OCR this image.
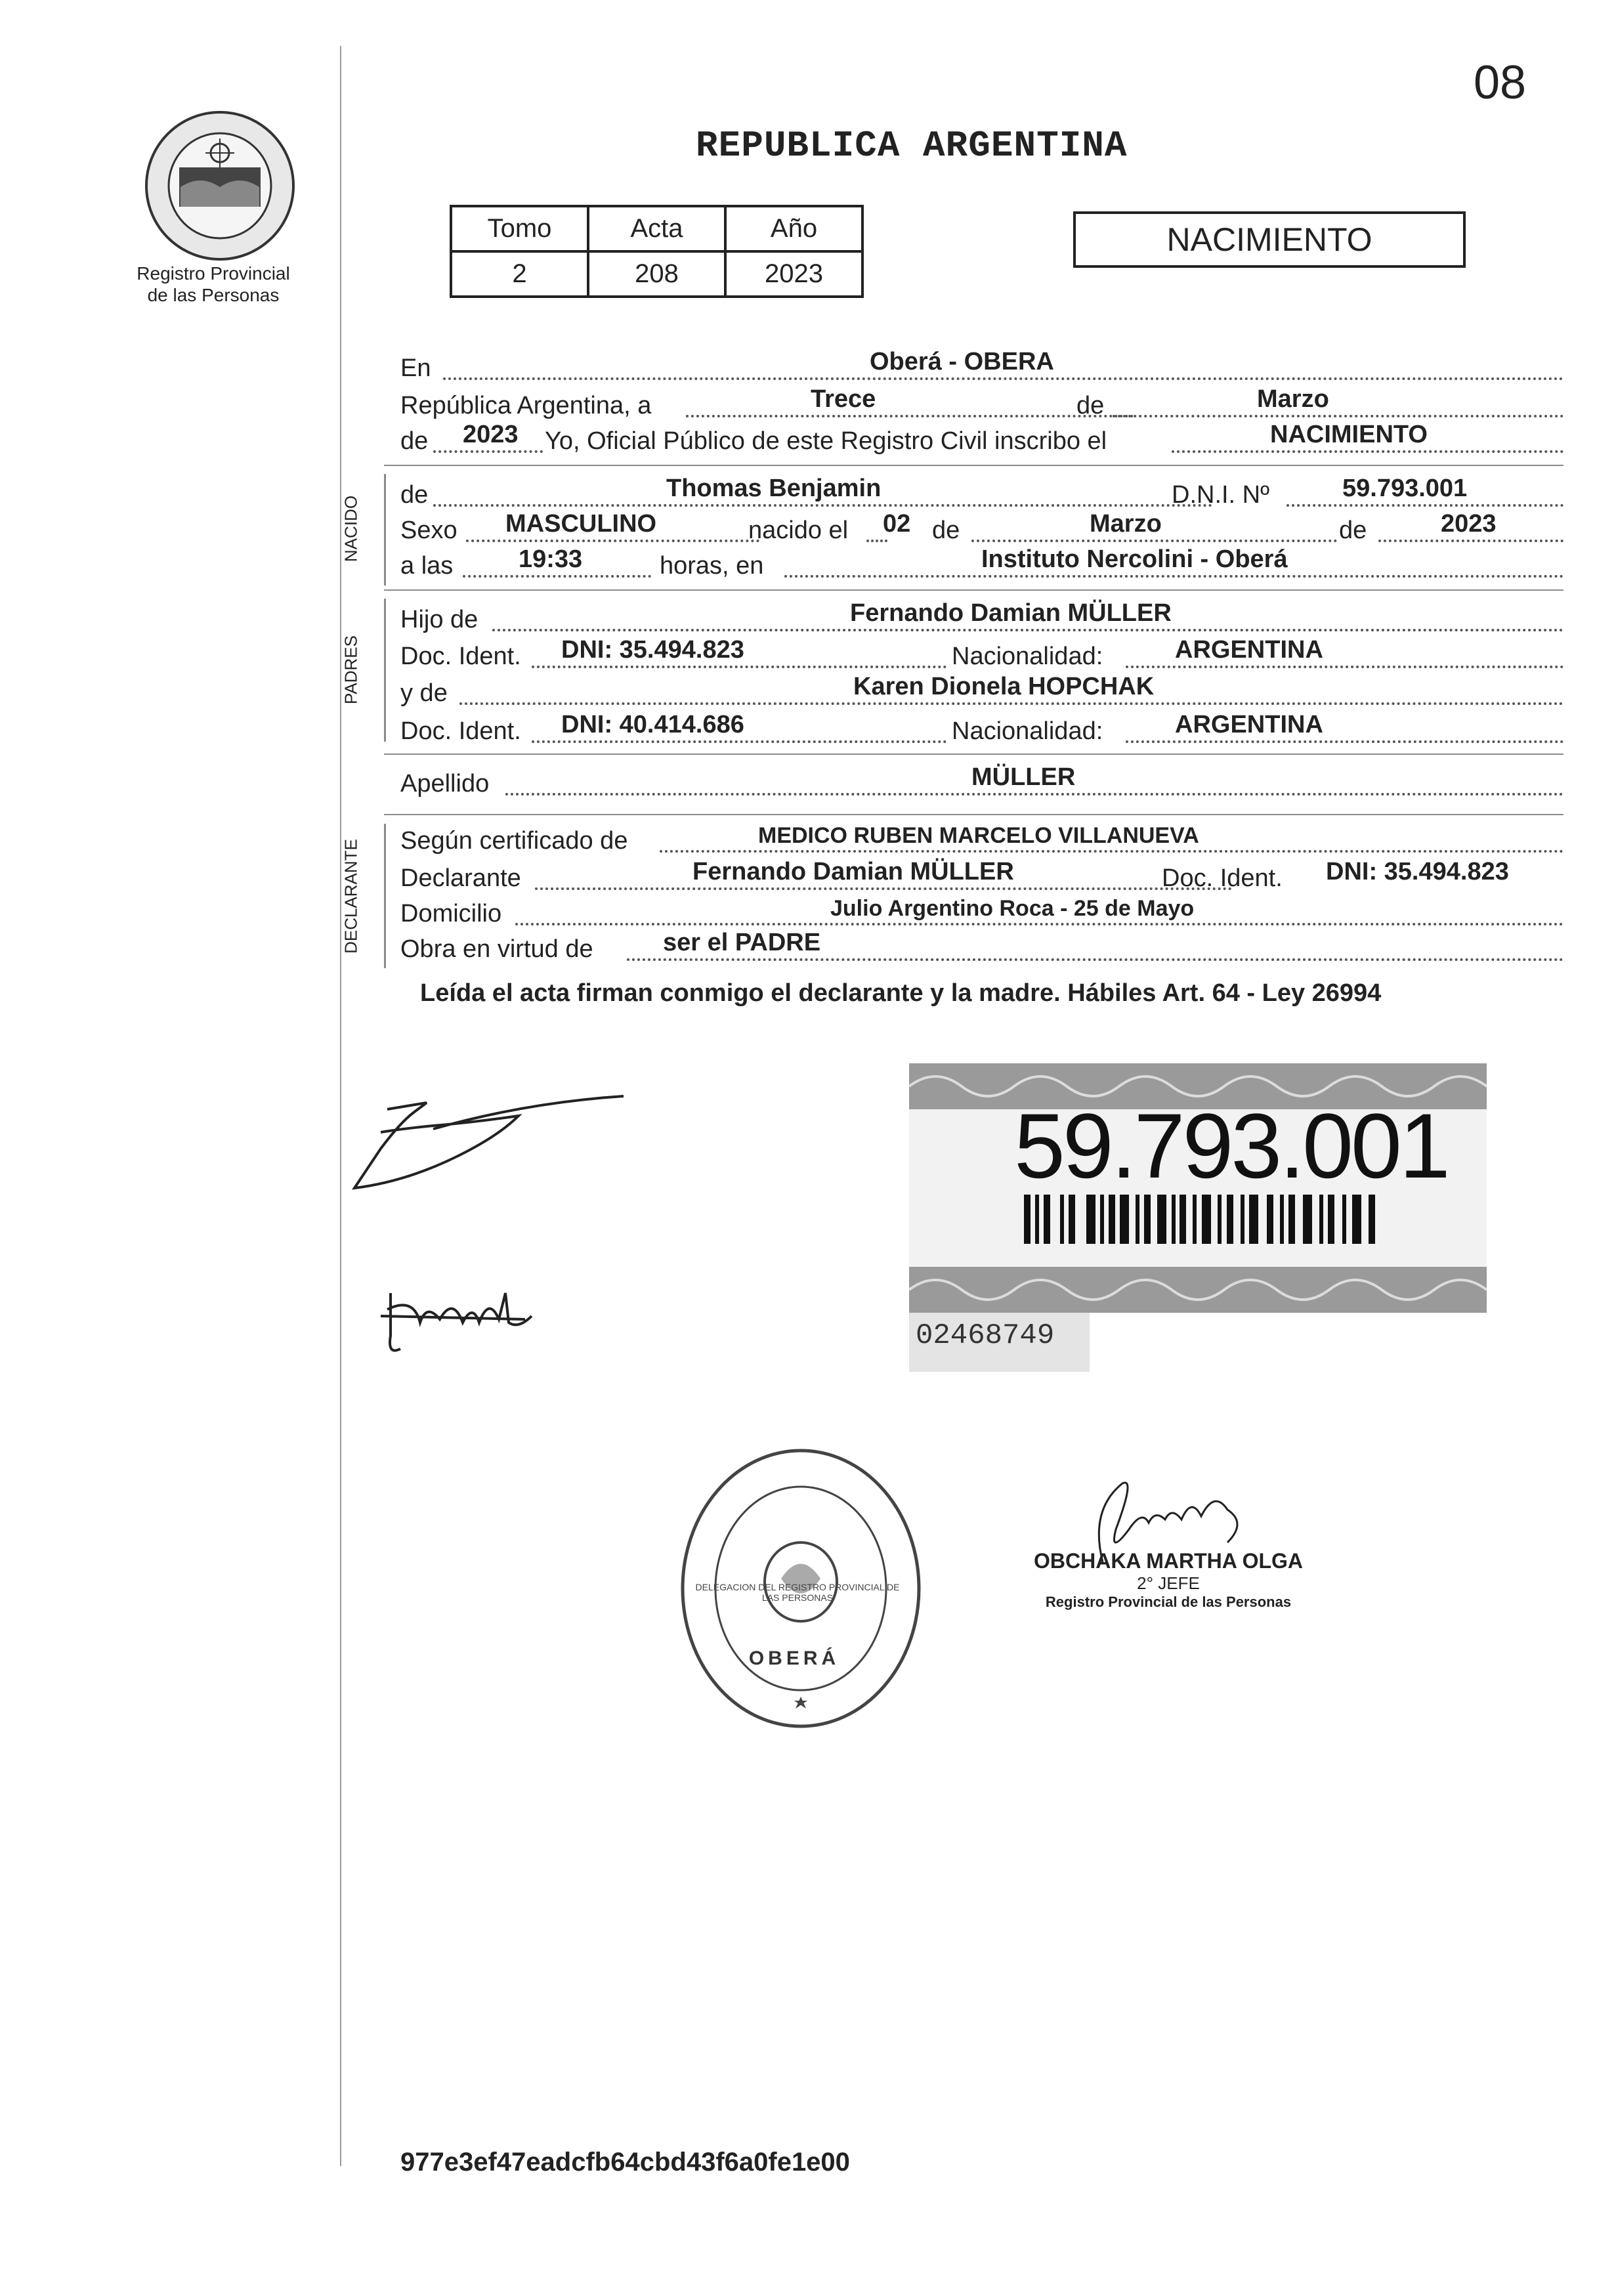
08
Registro Provincial
de las Personas
REPUBLICA ARGENTINA
Tomo	Acta	Año
2	208	2023
NACIMIENTO
En	Oberá - OBERA
República Argentina, a	Trece	de	Marzo
de 2023 Yo, Oficial Público de este Registro Civil inscribo el	NACIMIENTO
NACIDO
de	Thomas Benjamin	D.N.I. Nº	59.793.001
Sexo MASCULINO	nacido el 02 de	Marzo	de	2023
a las	19:33	horas, en	Instituto Nercolini - Oberá
PADRES
Hijo de	Fernando Damian MÜLLER
Doc. Ident. DNI: 35.494.823	Nacionalidad:	ARGENTINA
y de	Karen Dionela HOPCHAK
Doc. Ident. DNI: 40.414.686	Nacionalidad:	ARGENTINA
Apellido	MÜLLER
DECLARANTE Según certificado de	MEDICO RUBEN MARCELO VILLANUEVA
Declarante	Fernando Damian MÜLLER	Doc. Ident. DNI: 35.494.823
Domicilio	Julio Argentino Roca - 25 de Mayo
Obra en virtud de	ser el PADRE
Leída el acta firman conmigo el declarante y la madre. Hábiles Art. 64 - Ley 26994
59.793.001
02468749
DELEGACION DEL REGISTRO PROVINCIAL DE LAS PERSONAS
OBERÁ
OBCHAKA MARTHA OLGA
2° JEFE
Registro Provincial de las Personas
977e3ef47eadcfb64cbd43f6a0fe1e00
